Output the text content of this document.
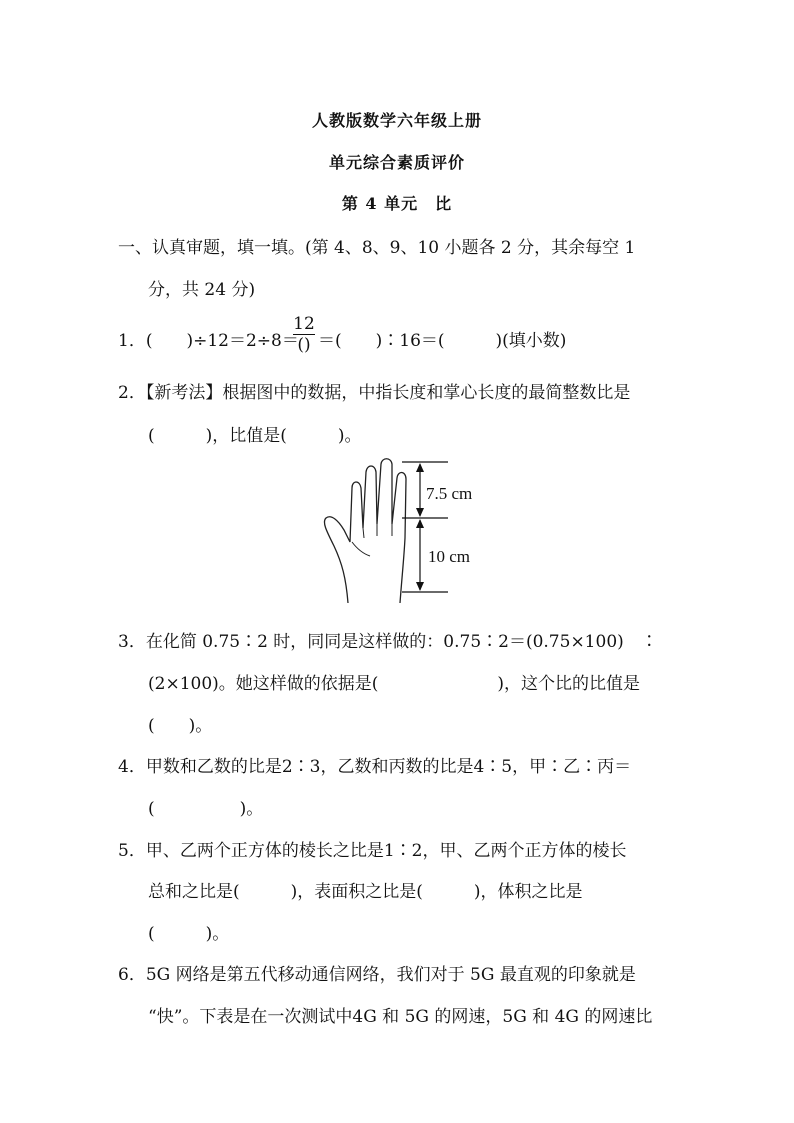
人教版数学六年级上册
单元综合素质评价
第 4 单元　比
一、认真审题，填一填。(第 4、8、9、10 小题各 2 分，其余每空 1
分，共 24 分)
1．(　　)÷12＝2÷8＝
12
() ＝(　　)∶16＝(　　　)(填小数)
2．【新考法】根据图中的数据，中指长度和掌心长度的最简整数比是
(　　　)，比值是(　　　)。
7.5 cm
10 cm
3．在化简 0.75∶2 时，同同是这样做的：0.75∶2＝(0.75×100)　∶
(2×100)。她这样做的依据是(　　　　　　　)，这个比的比值是
(　　)。
4．甲数和乙数的比是2∶3，乙数和丙数的比是4∶5，甲∶乙∶丙＝
(　　　　　)。
5．甲、乙两个正方体的棱长之比是1∶2，甲、乙两个正方体的棱长
总和之比是(　　　)，表面积之比是(　　　)，体积之比是
(　　　)。
6．5G 网络是第五代移动通信网络，我们对于 5G 最直观的印象就是
“快”。下表是在一次测试中4G 和 5G 的网速，5G 和 4G 的网速比
